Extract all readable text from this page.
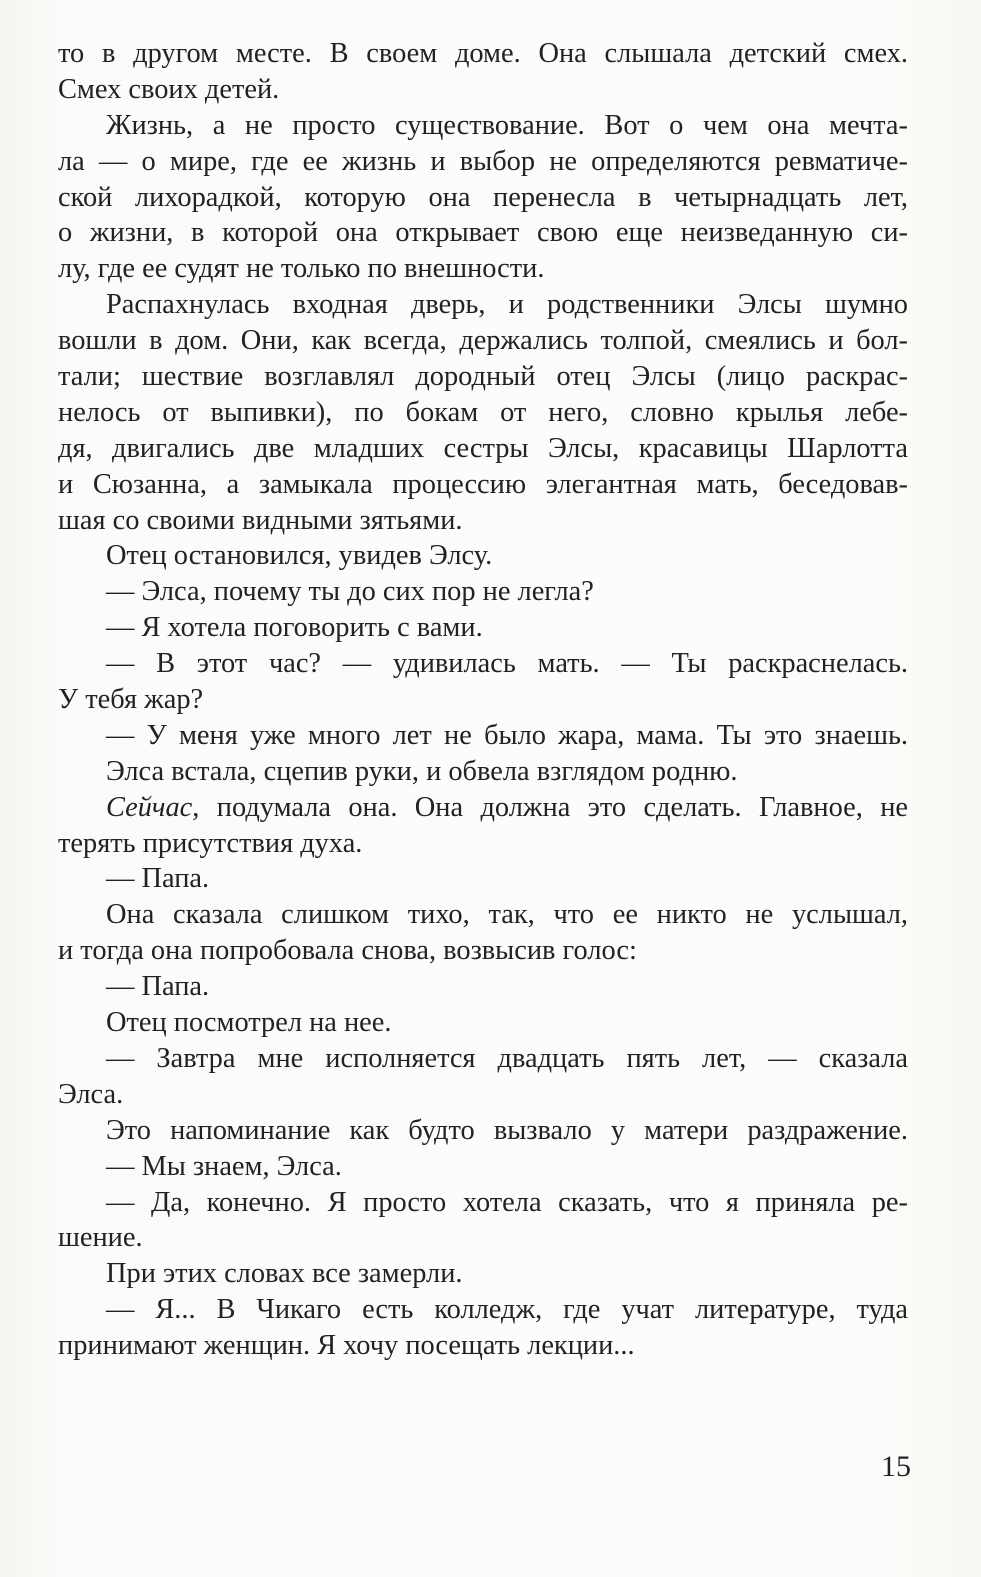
то в другом месте. В своем доме. Она слышала детский смех.
Смех своих детей.
Жизнь, а не просто существование. Вот о чем она мечта-
ла — о мире, где ее жизнь и выбор не определяются ревматиче-
ской лихорадкой, которую она перенесла в четырнадцать лет,
о жизни, в которой она открывает свою еще неизведанную си-
лу, где ее судят не только по внешности.
Распахнулась входная дверь, и родственники Элсы шумно
вошли в дом. Они, как всегда, держались толпой, смеялись и бол-
тали; шествие возглавлял дородный отец Элсы (лицо раскрас-
нелось от выпивки), по бокам от него, словно крылья лебе-
дя, двигались две младших сестры Элсы, красавицы Шарлотта
и Сюзанна, а замыкала процессию элегантная мать, беседовав-
шая со своими видными зятьями.
Отец остановился, увидев Элсу.
— Элса, почему ты до сих пор не легла?
— Я хотела поговорить с вами.
— В этот час? — удивилась мать. — Ты раскраснелась.
У тебя жар?
— У меня уже много лет не было жара, мама. Ты это знаешь.
Элса встала, сцепив руки, и обвела взглядом родню.
Сейчас, подумала она. Она должна это сделать. Главное, не
терять присутствия духа.
— Папа.
Она сказала слишком тихо, так, что ее никто не услышал,
и тогда она попробовала снова, возвысив голос:
— Папа.
Отец посмотрел на нее.
— Завтра мне исполняется двадцать пять лет, — сказала
Элса.
Это напоминание как будто вызвало у матери раздражение.
— Мы знаем, Элса.
— Да, конечно. Я просто хотела сказать, что я приняла ре-
шение.
При этих словах все замерли.
— Я... В Чикаго есть колледж, где учат литературе, туда
принимают женщин. Я хочу посещать лекции...
15
